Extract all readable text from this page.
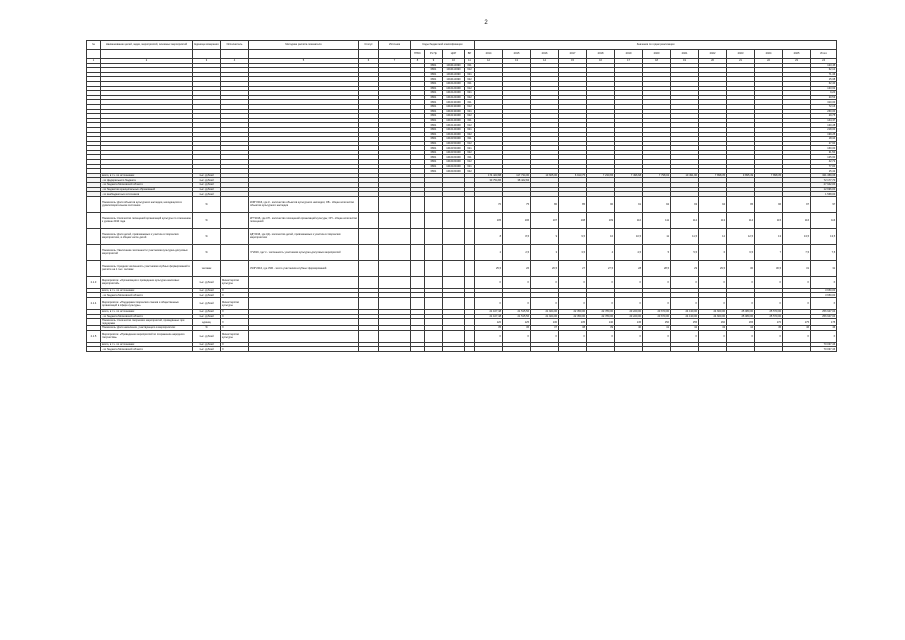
2
№	Наименование целей, задач, мероприятий, основных мероприятий	Единица измерения	Исполнитель	Методика расчёта показателя	Статус	Источник	Коды бюджетной классификации				Значения по годам реализации													
							ГРБС	Рз Пр	ЦСР	ВР	2014	2015	2016	2017	2018	2019	2020	2021	2022	2023	2024	2025	Итого	
1	2	3	4	5	6	7	8	9	10	11	12	13	14	15	16	17	18	19	20	21	22	23	24	
								0801	1010110490	611													123,45	
								0801	1010110490	612													62,10	
								0801	1010110490	621													71,46	
								0801	1010110490	622													15,38	
								0801	1010120490	611													62,40	
								0801	1010120490	612													133,62	
								0801	1010120490	621													9,20	
								0801	1010120490	622													20,53	
								0801	1010130490	611													310,00	
								0801	1010130490	612													72,16	
								0801	1010130490	621													260,00	
								0801	1010130490	622													29,75	
								0801	1010140490	611													144,37	
								0801	1010140490	612													130,28	
								0801	1010140490	621													218,00	
								0801	1010140490	622													199,25	
								0801	1010150490	611													18,34	
								0801	1010150490	612													27,90	
								0801	1010150490	621													160,00	
								0801	1010150490	622													31,50	
								0801	1010160490	611													125,60	
								0801	1010160490	612													42,72	
								0801	1010160490	621													77,00	
								0801	1010160490	622													15,42	
	всего, в т.ч. по источникам:	тыс. рублей									174 423,88	117 734,00	13 605,00	6 913,75	7 230,65	7 496,68	7 798,02	10 491,90	7 898,35	9 895,49	7 898,35		321 459,06	
	- из федерального бюджета	тыс. рублей									33 754,86	38 422,84											72 177,70	
	- из бюджета Московской области	тыс. рублей																					27 942,00	
	- из бюджетов муниципальных образований	тыс. рублей																					12 696,00	
	- из внебюджетных источников	тыс. рублей																					1 568,00	
	Показатель: Доля объектов культурного наследия, находящихся в удовлетворительном состоянии	%		КОБ^2016, где К - количество объектов культурного наследия; ОБ - общее количество объектов культурного наследия							70	75	80	85	90	91	92	93	94	95	96	97	97	
	Показатель: Количество посещений организаций культуры по отношению к уровню 2010 года	%		КП^2016, где КП - количество посещений организаций культуры; ОП - общее количество посещений							105	106	107	108	109	110	111	112	113	114	115	116	116	
	Показатель: Доля детей, привлекаемых к участию в творческих мероприятиях, в общем числе детей	%		КД^2016, где КД - количество детей, привлекаемых к участию в творческих мероприятиях							8	8,5	9	9,5	10	10,5	11	11,5	12	12,5	13	13,5	13,5	
	Показатель: Увеличение численности участников культурно-досуговых мероприятий	%		Ч^2016, где Ч - численность участников культурно-досуговых мероприятий							2	2,5	3	3,5	4	4,5	5	5,5	6	6,5	7	7,5	7,5	
	Показатель: Средняя численность участников клубных формирований в расчёте на 1 тыс. человек	человек		УКФ^2016, где УКФ - число участников клубных формирований							25,5	26	26,5	27	27,5	28	28,5	29	29,5	30	30,5	31	31	
2.1.3	Мероприятие: «Организация и проведение культурно-массовых мероприятий»	тыс. рублей	Министерство культуры								X	X	X	X	X	X	X	X	X	X	X	X	X	
	всего, в т.ч. по источникам:	тыс. рублей	X																				3 650,00	
	- из бюджета Московской области	тыс. рублей	X																				3 650,00	
2.1.4	Мероприятие: «Поддержка творческих союзов и общественных организаций в сфере культуры»	тыс. рублей	Министерство культуры								X	X	X	X	X	X	X	X	X	X	X	X	X	
	всего, в т.ч. по источникам:	тыс. рублей	X								21 107,48	21 515,56	21 924,00	22 350,00	22 780,00	23 220,00	23 670,00	24 130,00	24 600,00	25 080,00	25 570,00		256 947,04	
	- из бюджета Московской области	тыс. рублей	X								21 107,48	21 515,56	21 924,00	22 350,00	22 780,00	23 220,00	23 670,00	24 130,00	24 600,00	25 080,00	25 570,00		256 947,04	
	Показатель: Количество творческих мероприятий, проведённых при поддержке	единиц	X								120	125	130	135	140	145	150	155	160	165	170	175	175	
	Показатель: Доля населения, участвующего в мероприятиях	%	X								35	36	37	38	39	40	41	42	43	44	45	46	46	
2.1.5	Мероприятие: «Проведение мероприятий по сохранению народного творчества»	тыс. рублей	Министерство культуры								X	X	X	X	X	X	X	X	X	X	X	X	X	
	всего, в т.ч. по источникам:	тыс. рублей	X																				70 037,46	
	- из бюджета Московской области	тыс. рублей	X																				70 037,46	
